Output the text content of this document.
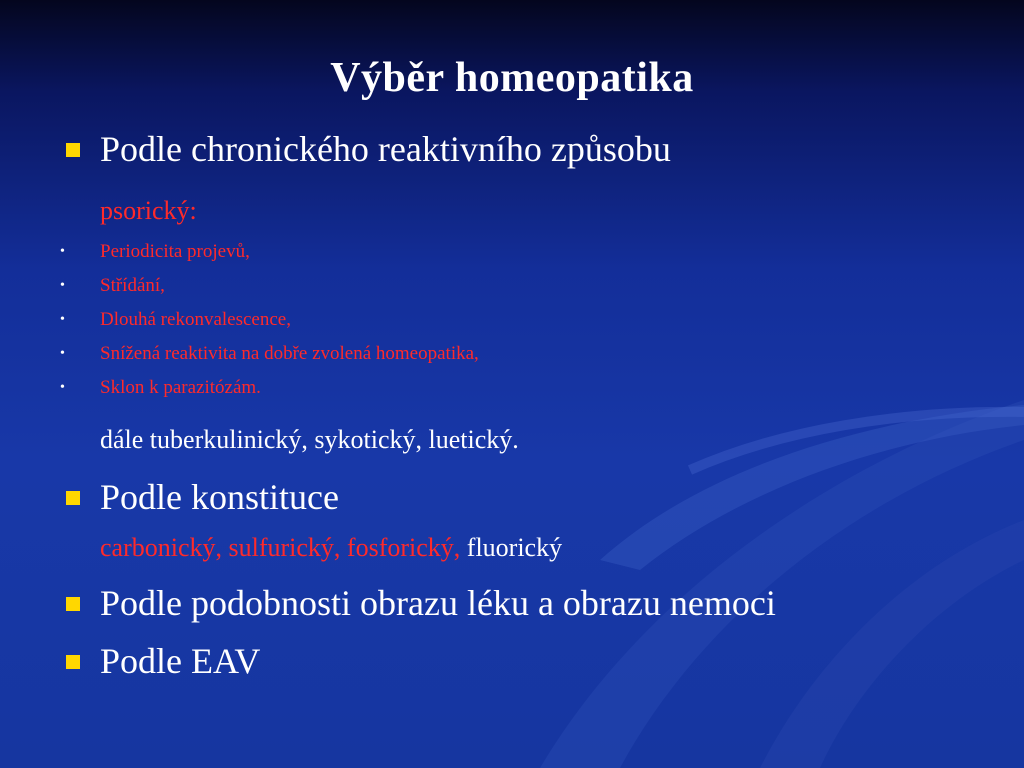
Výběr homeopatika
Podle chronického reaktivního způsobu
psorický:
•	Periodicita projevů,
•	Střídání,
•	Dlouhá rekonvalescence,
•	Snížená reaktivita na dobře zvolená homeopatika,
•	Sklon k parazitózám.
dále tuberkulinický, sykotický, luetický.
Podle konstituce
carbonický, sulfurický, fosforický, fluorický
Podle podobnosti obrazu léku a obrazu nemoci
Podle EAV
